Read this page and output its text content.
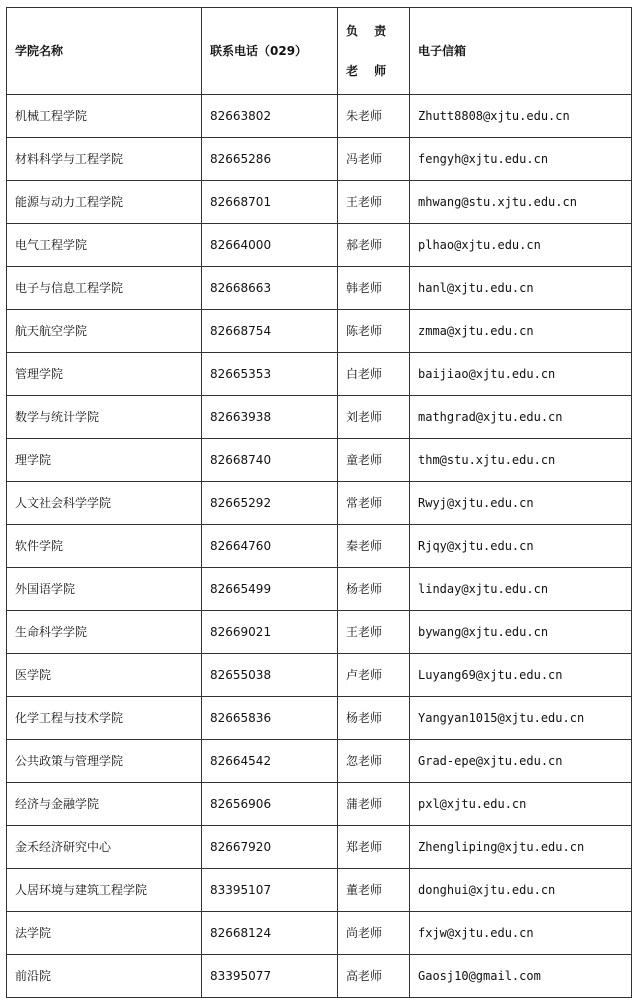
学院名称	联系电话（029）	负 责 老 师	电子信箱
机械工程学院	82663802	朱老师	Zhutt8808@xjtu.edu.cn
材料科学与工程学院	82665286	冯老师	fengyh@xjtu.edu.cn
能源与动力工程学院	82668701	王老师	mhwang@stu.xjtu.edu.cn
电气工程学院	82664000	郝老师	plhao@xjtu.edu.cn
电子与信息工程学院	82668663	韩老师	hanl@xjtu.edu.cn
航天航空学院	82668754	陈老师	zmma@xjtu.edu.cn
管理学院	82665353	白老师	baijiao@xjtu.edu.cn
数学与统计学院	82663938	刘老师	mathgrad@xjtu.edu.cn
理学院	82668740	童老师	thm@stu.xjtu.edu.cn
人文社会科学学院	82665292	常老师	Rwyj@xjtu.edu.cn
软件学院	82664760	秦老师	Rjqy@xjtu.edu.cn
外国语学院	82665499	杨老师	linday@xjtu.edu.cn
生命科学学院	82669021	王老师	bywang@xjtu.edu.cn
医学院	82655038	卢老师	Luyang69@xjtu.edu.cn
化学工程与技术学院	82665836	杨老师	Yangyan1015@xjtu.edu.cn
公共政策与管理学院	82664542	忽老师	Grad-epe@xjtu.edu.cn
经济与金融学院	82656906	蒲老师	pxl@xjtu.edu.cn
金禾经济研究中心	82667920	郑老师	Zhengliping@xjtu.edu.cn
人居环境与建筑工程学院	83395107	董老师	donghui@xjtu.edu.cn
法学院	82668124	尚老师	fxjw@xjtu.edu.cn
前沿院	83395077	高老师	Gaosj10@gmail.com
